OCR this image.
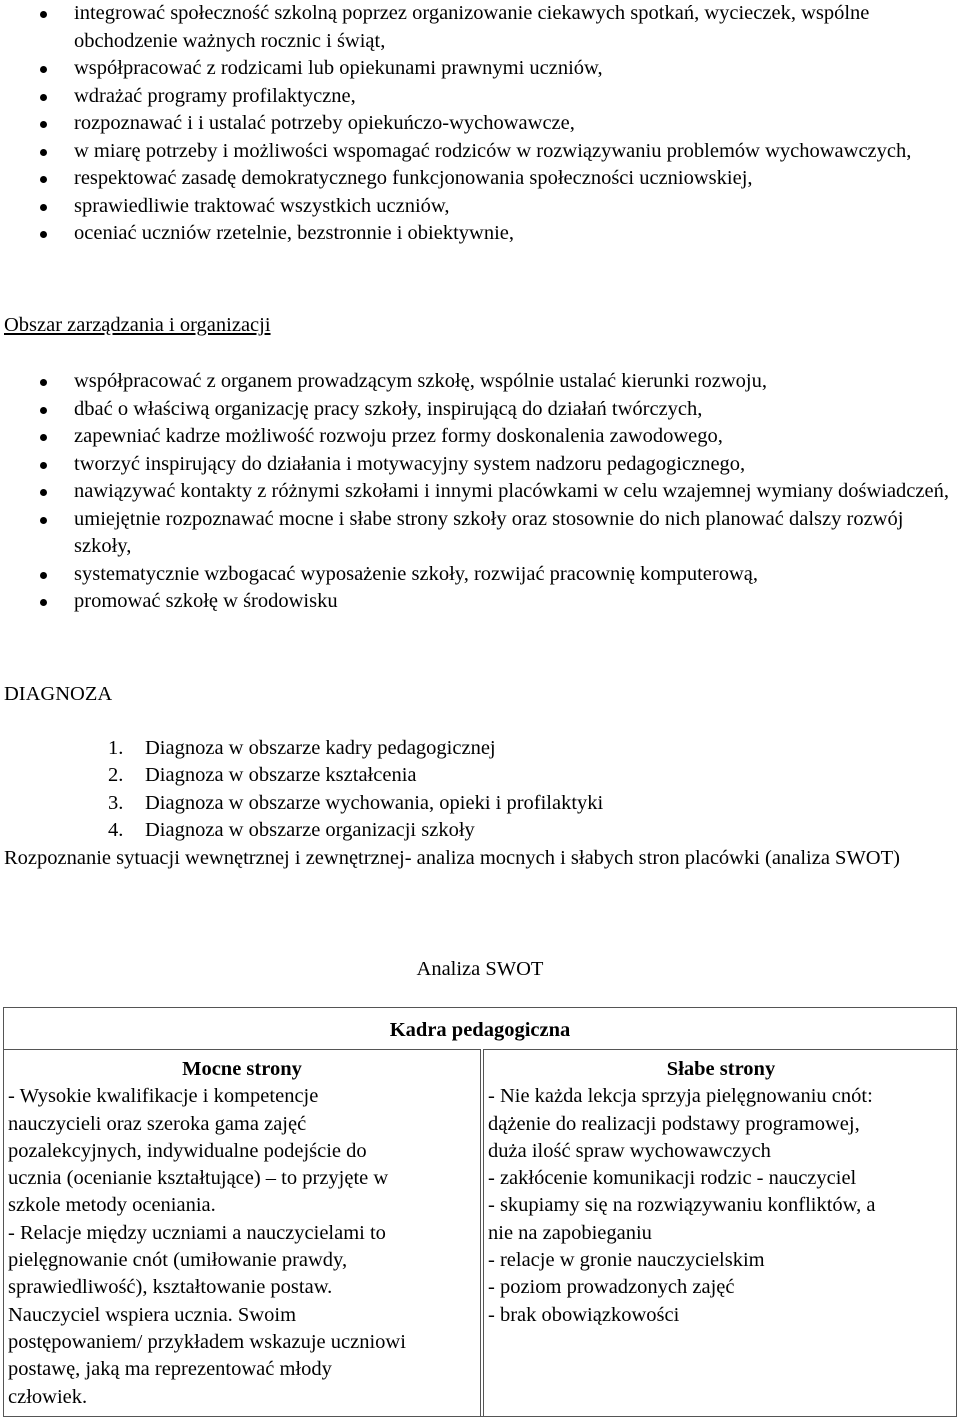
integrować społeczność szkolną poprzez organizowanie ciekawych spotkań, wycieczek, wspólne obchodzenie ważnych rocznic i świąt,
współpracować z rodzicami lub opiekunami prawnymi uczniów,
wdrażać programy profilaktyczne,
rozpoznawać i i ustalać potrzeby opiekuńczo-wychowawcze,
w miarę potrzeby i możliwości wspomagać rodziców w rozwiązywaniu problemów wychowawczych,
respektować zasadę demokratycznego funkcjonowania społeczności uczniowskiej,
sprawiedliwie traktować wszystkich uczniów,
oceniać uczniów rzetelnie, bezstronnie i obiektywnie,
Obszar zarządzania i organizacji
współpracować z organem prowadzącym szkołę, wspólnie ustalać kierunki rozwoju,
dbać o właściwą organizację pracy szkoły, inspirującą do działań twórczych,
zapewniać kadrze możliwość rozwoju przez formy doskonalenia zawodowego,
tworzyć inspirujący do działania i motywacyjny system nadzoru pedagogicznego,
nawiązywać kontakty z różnymi szkołami i innymi placówkami w celu wzajemnej wymiany doświadczeń,
umiejętnie rozpoznawać mocne i słabe strony szkoły oraz stosownie do nich planować dalszy rozwój szkoły,
systematycznie wzbogacać wyposażenie szkoły, rozwijać pracownię komputerową,
promować szkołę w środowisku
DIAGNOZA
1. Diagnoza w obszarze kadry pedagogicznej
2. Diagnoza w obszarze kształcenia
3. Diagnoza w obszarze wychowania, opieki i profilaktyki
4. Diagnoza w obszarze organizacji szkoły
Rozpoznanie sytuacji wewnętrznej i zewnętrznej- analiza mocnych i słabych stron placówki (analiza SWOT)
Analiza SWOT
Kadra pedagogiczna
Mocne strony
- Wysokie kwalifikacje i kompetencje
nauczycieli oraz szeroka gama zajęć
pozalekcyjnych, indywidualne podejście do
ucznia (ocenianie kształtujące) – to przyjęte w
szkole metody oceniania.
- Relacje między uczniami a nauczycielami to
pielęgnowanie cnót (umiłowanie prawdy,
sprawiedliwość), kształtowanie postaw.
Nauczyciel wspiera ucznia. Swoim
postępowaniem/ przykładem wskazuje uczniowi
postawę, jaką ma reprezentować młody
człowiek.
Słabe strony
- Nie każda lekcja sprzyja pielęgnowaniu cnót:
dążenie do realizacji podstawy programowej,
duża ilość spraw wychowawczych
- zakłócenie komunikacji rodzic - nauczyciel
- skupiamy się na rozwiązywaniu konfliktów, a
nie na zapobieganiu
- relacje w gronie nauczycielskim
- poziom prowadzonych zajęć
- brak obowiązkowości
